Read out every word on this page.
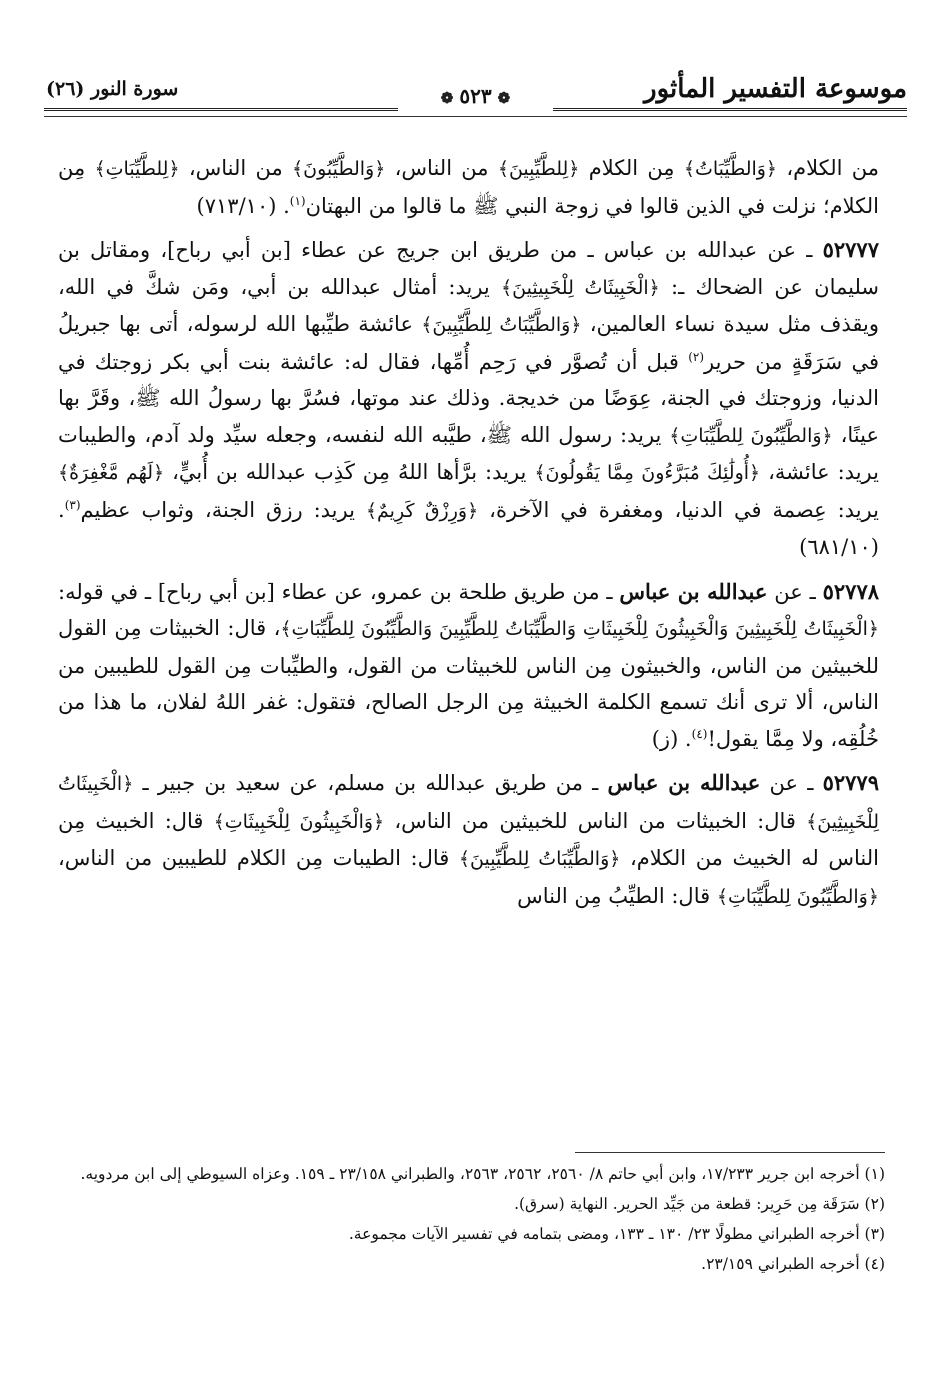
موسوعة التفسير المأثور
❁٥٢٣❁
سورة النور (٢٦)

من الكلام، ﴿وَالطَّيِّبَاتُ﴾ مِن الكلام ﴿لِلطَّيِّبِينَ﴾ من الناس، ﴿وَالطَّيِّبُونَ﴾ من الناس، ﴿لِلطَّيِّبَاتِ﴾ مِن الكلام؛ نزلت في الذين قالوا في زوجة النبي ﷺ ما قالوا من البهتان$^{(١)}$. (٧١٣/١٠)

٥٢٧٧٧ ـ عن عبدالله بن عباس ـ من طريق ابن جريج عن عطاء [بن أبي رباح]، ومقاتل بن سليمان عن الضحاك ـ: ﴿الْخَبِيثَاتُ لِلْخَبِيثِينَ﴾ يريد: أمثال عبدالله بن أبي، ومَن شكَّ في الله، ويقذف مثل سيدة نساء العالمين، ﴿وَالطَّيِّبَاتُ لِلطَّيِّبِينَ﴾ عائشة طيِّبها الله لرسوله، أتى بها جبريلُ في سَرَقَةٍ من حرير$^{(٢)}$ قبل أن تُصوَّر في رَحِم أُمِّها، فقال له: عائشة بنت أبي بكر زوجتك في الدنيا، وزوجتك في الجنة، عِوَضًا من خديجة. وذلك عند موتها، فسُرَّ بها رسولُ الله ﷺ، وقَرَّ بها عينًا، ﴿وَالطَّيِّبُونَ لِلطَّيِّبَاتِ﴾ يريد: رسول الله ﷺ، طيَّبه الله لنفسه، وجعله سيِّد ولد آدم، والطيبات يريد: عائشة، ﴿أُولَٰئِكَ مُبَرَّءُونَ مِمَّا يَقُولُونَ﴾ يريد: برَّأها اللهُ مِن كَذِب عبدالله بن أُبيٍّ، ﴿لَهُم مَّغْفِرَةٌ﴾ يريد: عِصمة في الدنيا، ومغفرة في الآخرة، ﴿وَرِزْقٌ كَرِيمٌ﴾ يريد: رزق الجنة، وثواب عظيم$^{(٣)}$. (٦٨١/١٠)

٥٢٧٧٨ ـ عن عبدالله بن عباس ـ من طريق طلحة بن عمرو، عن عطاء [بن أبي رباح] ـ في قوله: ﴿الْخَبِيثَاتُ لِلْخَبِيثِينَ وَالْخَبِيثُونَ لِلْخَبِيثَاتِ وَالطَّيِّبَاتُ لِلطَّيِّبِينَ وَالطَّيِّبُونَ لِلطَّيِّبَاتِ﴾، قال: الخبيثات مِن القول للخبيثين من الناس، والخبيثون مِن الناس للخبيثات من القول، والطيِّبات مِن القول للطيبين من الناس، ألا ترى أنك تسمع الكلمة الخبيثة مِن الرجل الصالح، فتقول: غفر اللهُ لفلان، ما هذا من خُلُقِه، ولا مِمَّا يقول!$^{(٤)}$. (ز)

٥٢٧٧٩ ـ عن عبدالله بن عباس ـ من طريق عبدالله بن مسلم، عن سعيد بن جبير ـ ﴿الْخَبِيثَاتُ لِلْخَبِيثِينَ﴾ قال: الخبيثات من الناس للخبيثين من الناس، ﴿وَالْخَبِيثُونَ لِلْخَبِيثَاتِ﴾ قال: الخبيث مِن الناس له الخبيث من الكلام، ﴿وَالطَّيِّبَاتُ لِلطَّيِّبِينَ﴾ قال: الطيبات مِن الكلام للطيبين من الناس، ﴿وَالطَّيِّبُونَ لِلطَّيِّبَاتِ﴾ قال: الطيِّبُ مِن الناس

(١) أخرجه ابن جرير ١٧/٢٣٣، وابن أبي حاتم ٨/ ٢٥٦٠، ٢٥٦٢، ٢٥٦٣، والطبراني ٢٣/١٥٨ ـ ١٥٩. وعزاه السيوطي إلى ابن مردويه.

(٢) سَرَقَة مِن حَرِير: قطعة من جَيِّد الحرير. النهاية (سرق).

(٣) أخرجه الطبراني مطولًا ٢٣/ ١٣٠ ـ ١٣٣، ومضى بتمامه في تفسير الآيات مجموعة.

(٤) أخرجه الطبراني ٢٣/١٥٩.
